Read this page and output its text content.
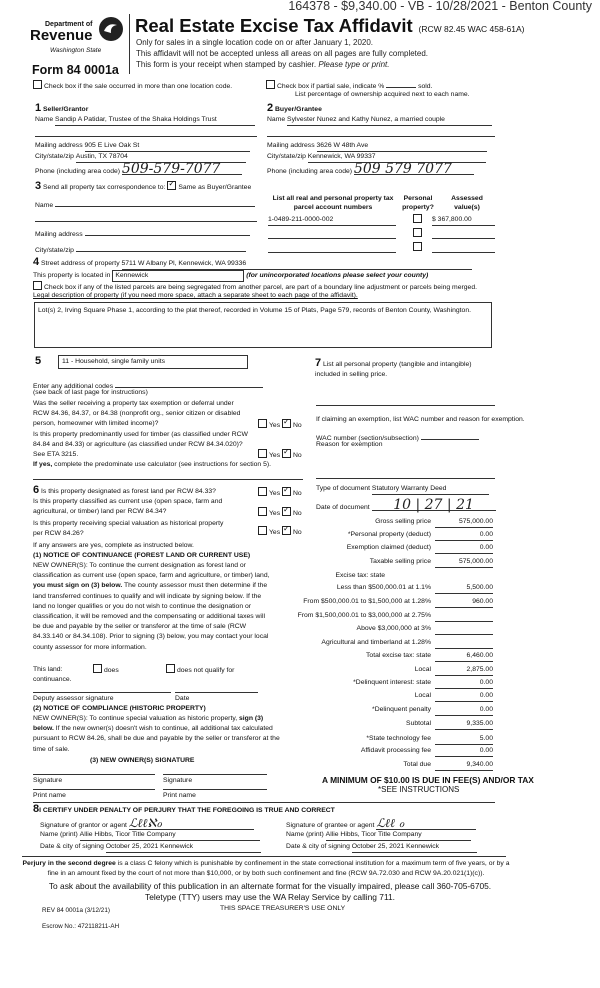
164378 - $9,340.00 - VB - 10/28/2021 - Benton County
Department of
Revenue
Washington State
Form 84 0001a
Real Estate Excise Tax Affidavit (RCW 82.45 WAC 458-61A)
Only for sales in a single location code on or after January 1, 2020.
This affidavit will not be accepted unless all areas on all pages are fully completed.
This form is your receipt when stamped by cashier. Please type or print.
Check box if the sale occurred in more than one location code.	Check box if partial sale, indicate %	sold.
List percentage of ownership acquired next to each name.
1 Seller/Grantor
Name Sandip A Patidar, Trustee of the Shaka Holdings Trust
Mailing address 905 E Live Oak St
City/state/zip Austin, TX 78704
Phone (including area code) 509-579-7077
2 Buyer/Grantee
Name Sylvester Nunez and Kathy Nunez, a married couple
Mailing address 3626 W 48th Ave
City/state/zip Kennewick, WA 99337
Phone (including area code) 509 579 7077
3 Send all property tax correspondence to: ✓ Same as Buyer/Grantee
Name
Mailing address
City/state/zip
List all real and personal property tax parcel account numbers
Personal property?
Assessed value(s)
1-0489-211-0000-002	$ 367,800.00
4 Street address of property 5711 W Albany Pl, Kennewick, WA 99336
This property is located in Kennewick	(for unincorporated locations please select your county)
Check box if any of the listed parcels are being segregated from another parcel, are part of a boundary line adjustment or parcels being merged.
Legal description of property (if you need more space, attach a separate sheet to each page of the affidavit).
Lot(s) 2, Irving Square Phase 1, according to the plat thereof, recorded in Volume 15 of Plats, Page 579, records of Benton County, Washington.
5	11 - Household, single family units
Enter any additional codes
(see back of last page for instructions)
Was the seller receiving a property tax exemption or deferral under RCW 84.36, 84.37, or 84.38 (nonprofit org., senior citizen or disabled person, homeowner with limited income)?	Yes ✓ No
Is this property predominantly used for timber (as classified under RCW 84.84 and 84.33) or agriculture (as classified under RCW 84.34.020)? See ETA 3215.	Yes ✓ No
If yes, complete the predominate use calculator (see instructions for section 5).
7 List all personal property (tangible and intangible) included in selling price.
If claiming an exemption, list WAC number and reason for exemption.
WAC number (section/subsection)
Reason for exemption
Type of document Statutory Warranty Deed
Date of document 10 | 27 | 21
Gross selling price	575,000.00
*Personal property (deduct)	0.00
Exemption claimed (deduct)	0.00
Taxable selling price	575,000.00
Excise tax: state
Less than $500,000.01 at 1.1%	5,500.00
From $500,000.01 to $1,500,000 at 1.28%	960.00
From $1,500,000.01 to $3,000,000 at 2.75%
Above $3,000,000 at 3%
Agricultural and timberland at 1.28%
Total excise tax: state	6,460.00
Local	2,875.00
*Delinquent interest: state	0.00
Local	0.00
*Delinquent penalty	0.00
Subtotal	9,335.00
*State technology fee	5.00
Affidavit processing fee	0.00
Total due	9,340.00
6 Is this property designated as forest land per RCW 84.33?	Yes ✓ No
Is this property classified as current use (open space, farm and agricultural, or timber) land per RCW 84.34?	Yes ✓ No
Is this property receiving special valuation as historical property per RCW 84.26?	Yes ✓ No
If any answers are yes, complete as instructed below.
(1) NOTICE OF CONTINUANCE (FOREST LAND OR CURRENT USE)
NEW OWNER(S): To continue the current designation as forest land or classification as current use (open space, farm and agriculture, or timber) land, you must sign on (3) below. The county assessor must then determine if the land transferred continues to qualify and will indicate by signing below. If the land no longer qualifies or you do not wish to continue the designation or classification, it will be removed and the compensating or additional taxes will be due and payable by the seller or transferor at the time of sale (RCW 84.33.140 or 84.34.108). Prior to signing (3) below, you may contact your local county assessor for more information.
This land:	does	does not qualify for
continuance.
Deputy assessor signature	Date
(2) NOTICE OF COMPLIANCE (HISTORIC PROPERTY)
NEW OWNER(S): To continue special valuation as historic property, sign (3) below. If the new owner(s) doesn't wish to continue, all additional tax calculated pursuant to RCW 84.26, shall be due and payable by the seller or transferor at the time of sale.
(3) NEW OWNER(S) SIGNATURE
Signature	Signature
Print name	Print name
A MINIMUM OF $10.00 IS DUE IN FEE(S) AND/OR TAX
*SEE INSTRUCTIONS
8I CERTIFY UNDER PENALTY OF PERJURY THAT THE FOREGOING IS TRUE AND CORRECT
Signature of grantor or agent ℒℓℓℵℴ
Name (print) Allie Hibbs, Ticor Title Company
Date & city of signing October 25, 2021 Kennewick
Signature of grantee or agent ℒℓℓ ℴ
Name (print) Allie Hibbs, Ticor Title Company
Date & city of signing October 25, 2021 Kennewick
Perjury in the second degree is a class C felony which is punishable by confinement in the state correctional institution for a maximum term of five years, or by a fine in an amount fixed by the court of not more than $10,000, or by both such confinement and fine (RCW 9A.72.030 and RCW 9A.20.021(1)(c)).
To ask about the availability of this publication in an alternate format for the visually impaired, please call 360-705-6705. Teletype (TTY) users may use the WA Relay Service by calling 711.
REV 84 0001a (3/12/21)	THIS SPACE TREASURER'S USE ONLY
Escrow No.: 472118211-AH
